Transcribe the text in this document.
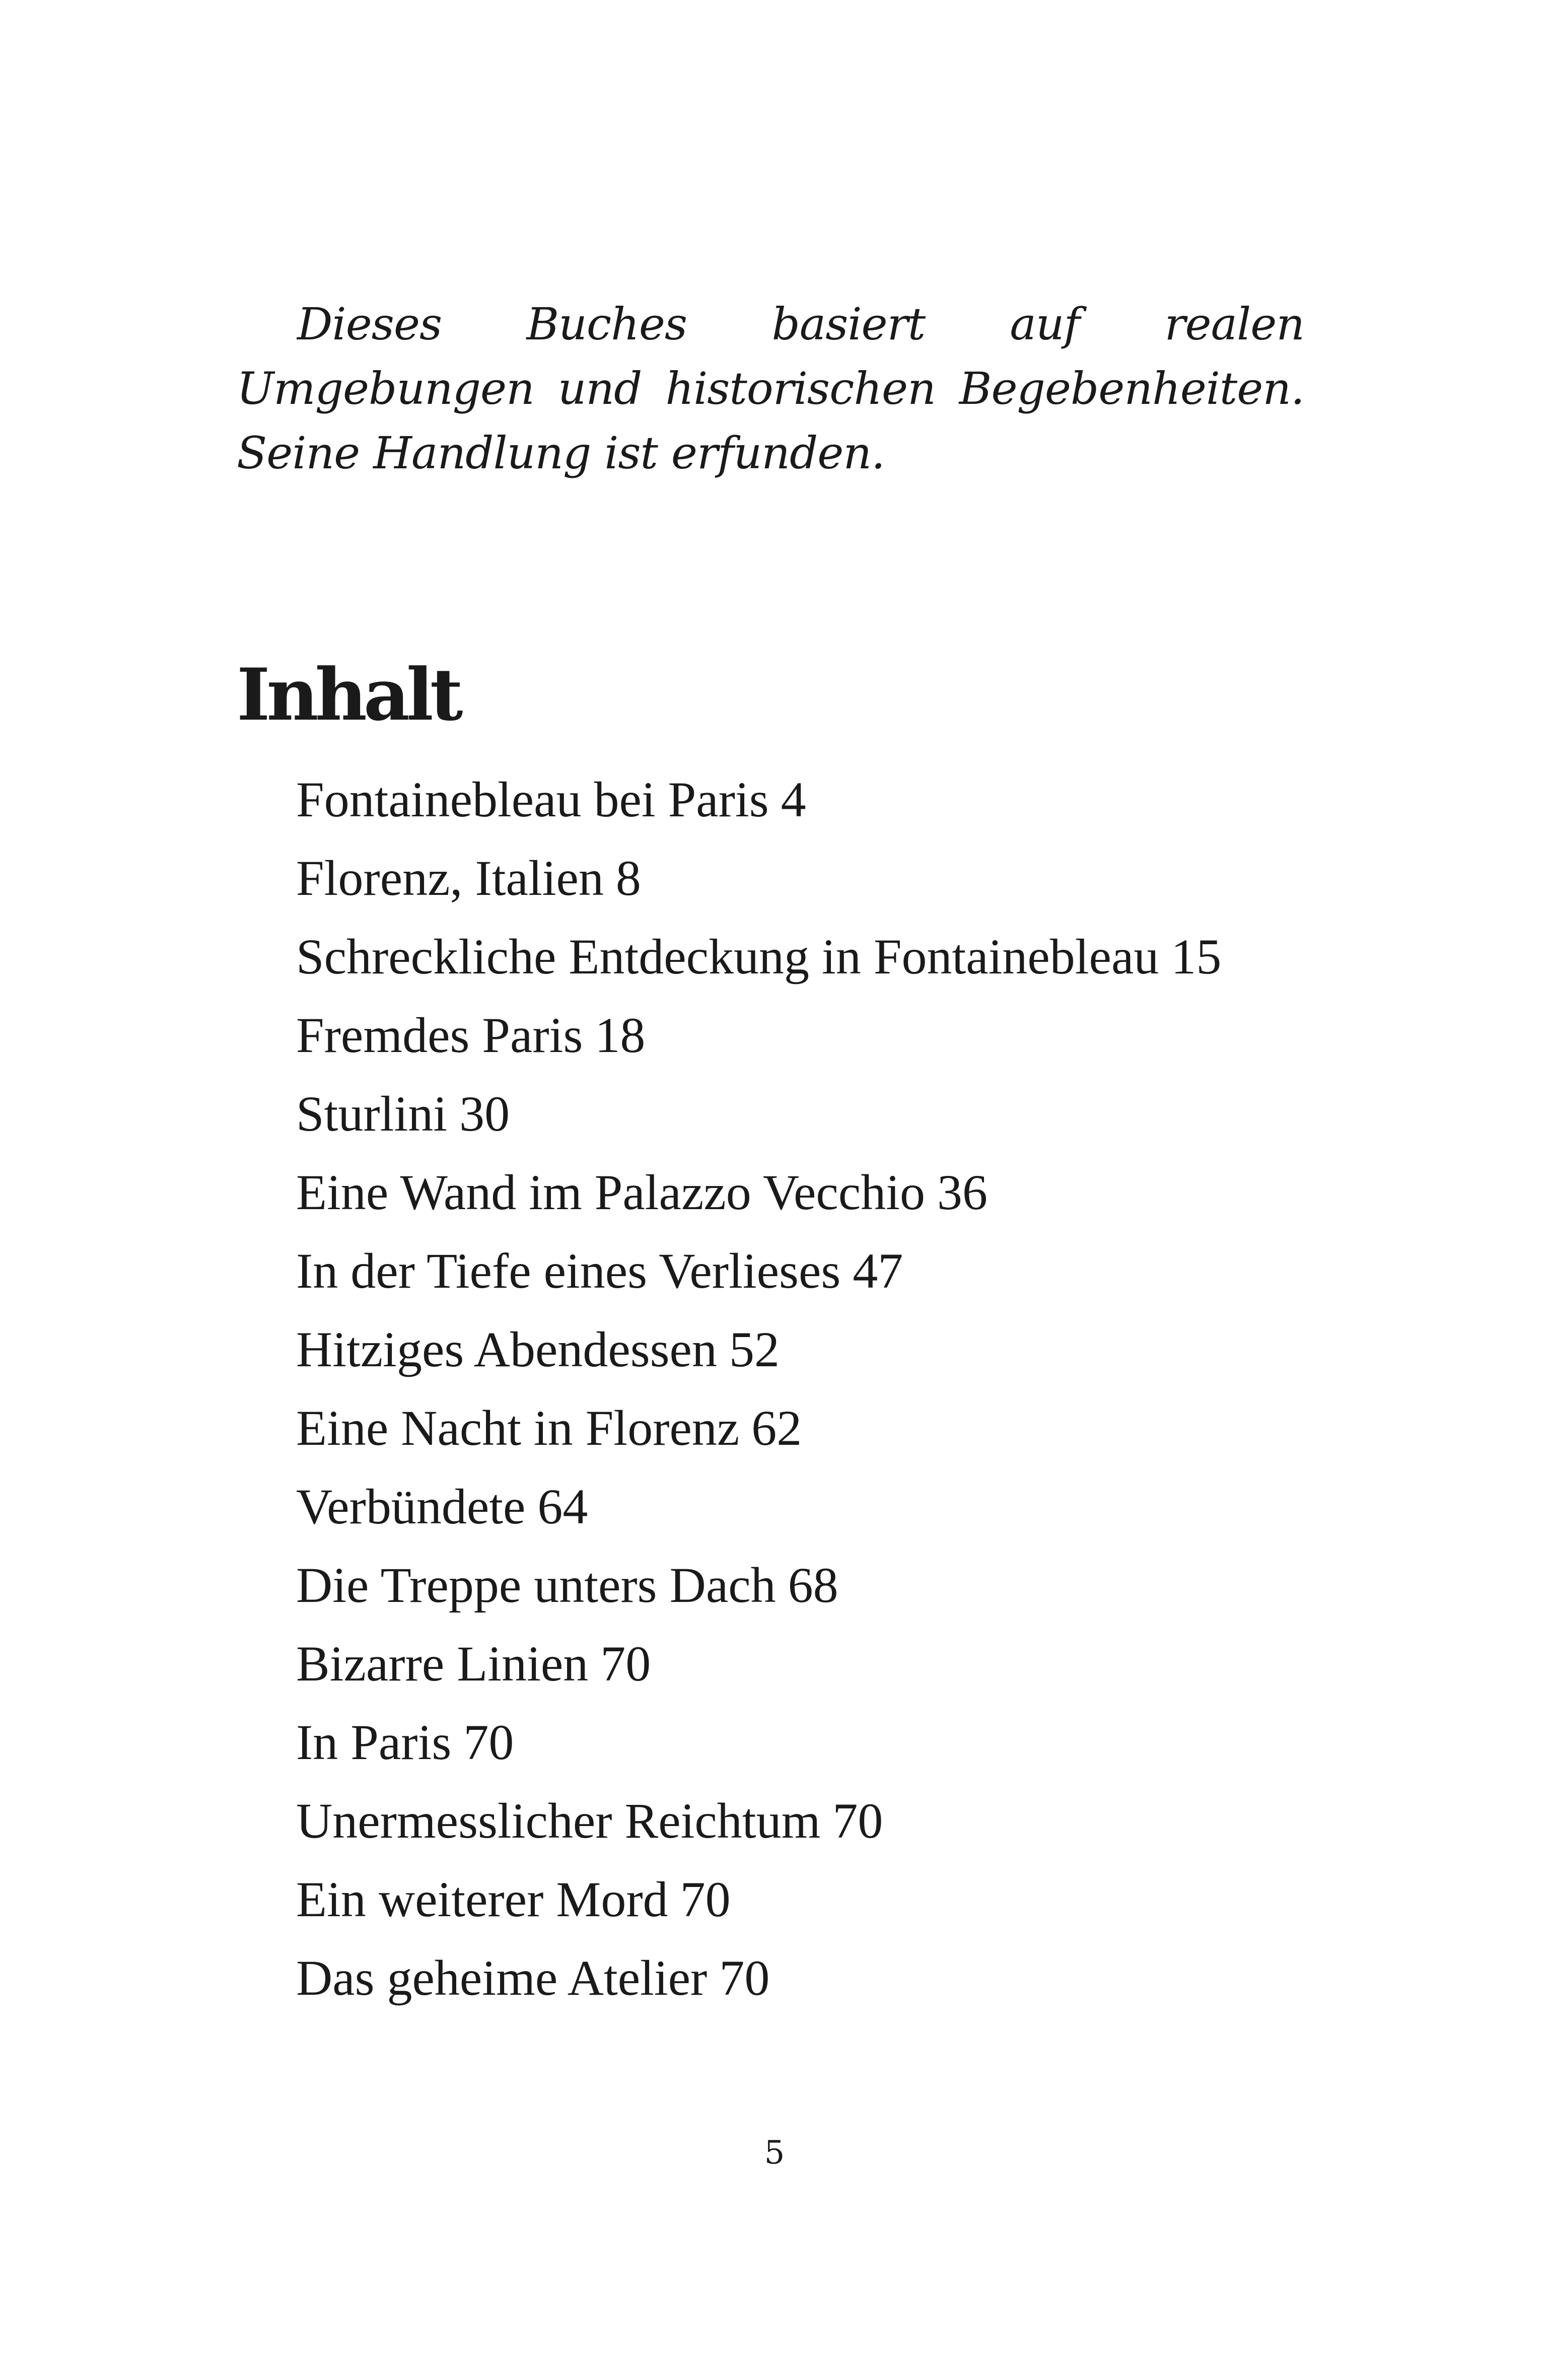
Dieses Buches basiert auf realen Umgebungen und historischen Begebenheiten. Seine Handlung ist erfunden.

Inhalt
Fontainebleau bei Paris 4
Florenz, Italien 8
Schreckliche Entdeckung in Fontainebleau 15
Fremdes Paris 18
Sturlini 30
Eine Wand im Palazzo Vecchio 36
In der Tiefe eines Verlieses 47
Hitziges Abendessen 52
Eine Nacht in Florenz 62
Verbündete 64
Die Treppe unters Dach 68
Bizarre Linien 70
In Paris 70
Unermesslicher Reichtum 70
Ein weiterer Mord 70
Das geheime Atelier 70
5
